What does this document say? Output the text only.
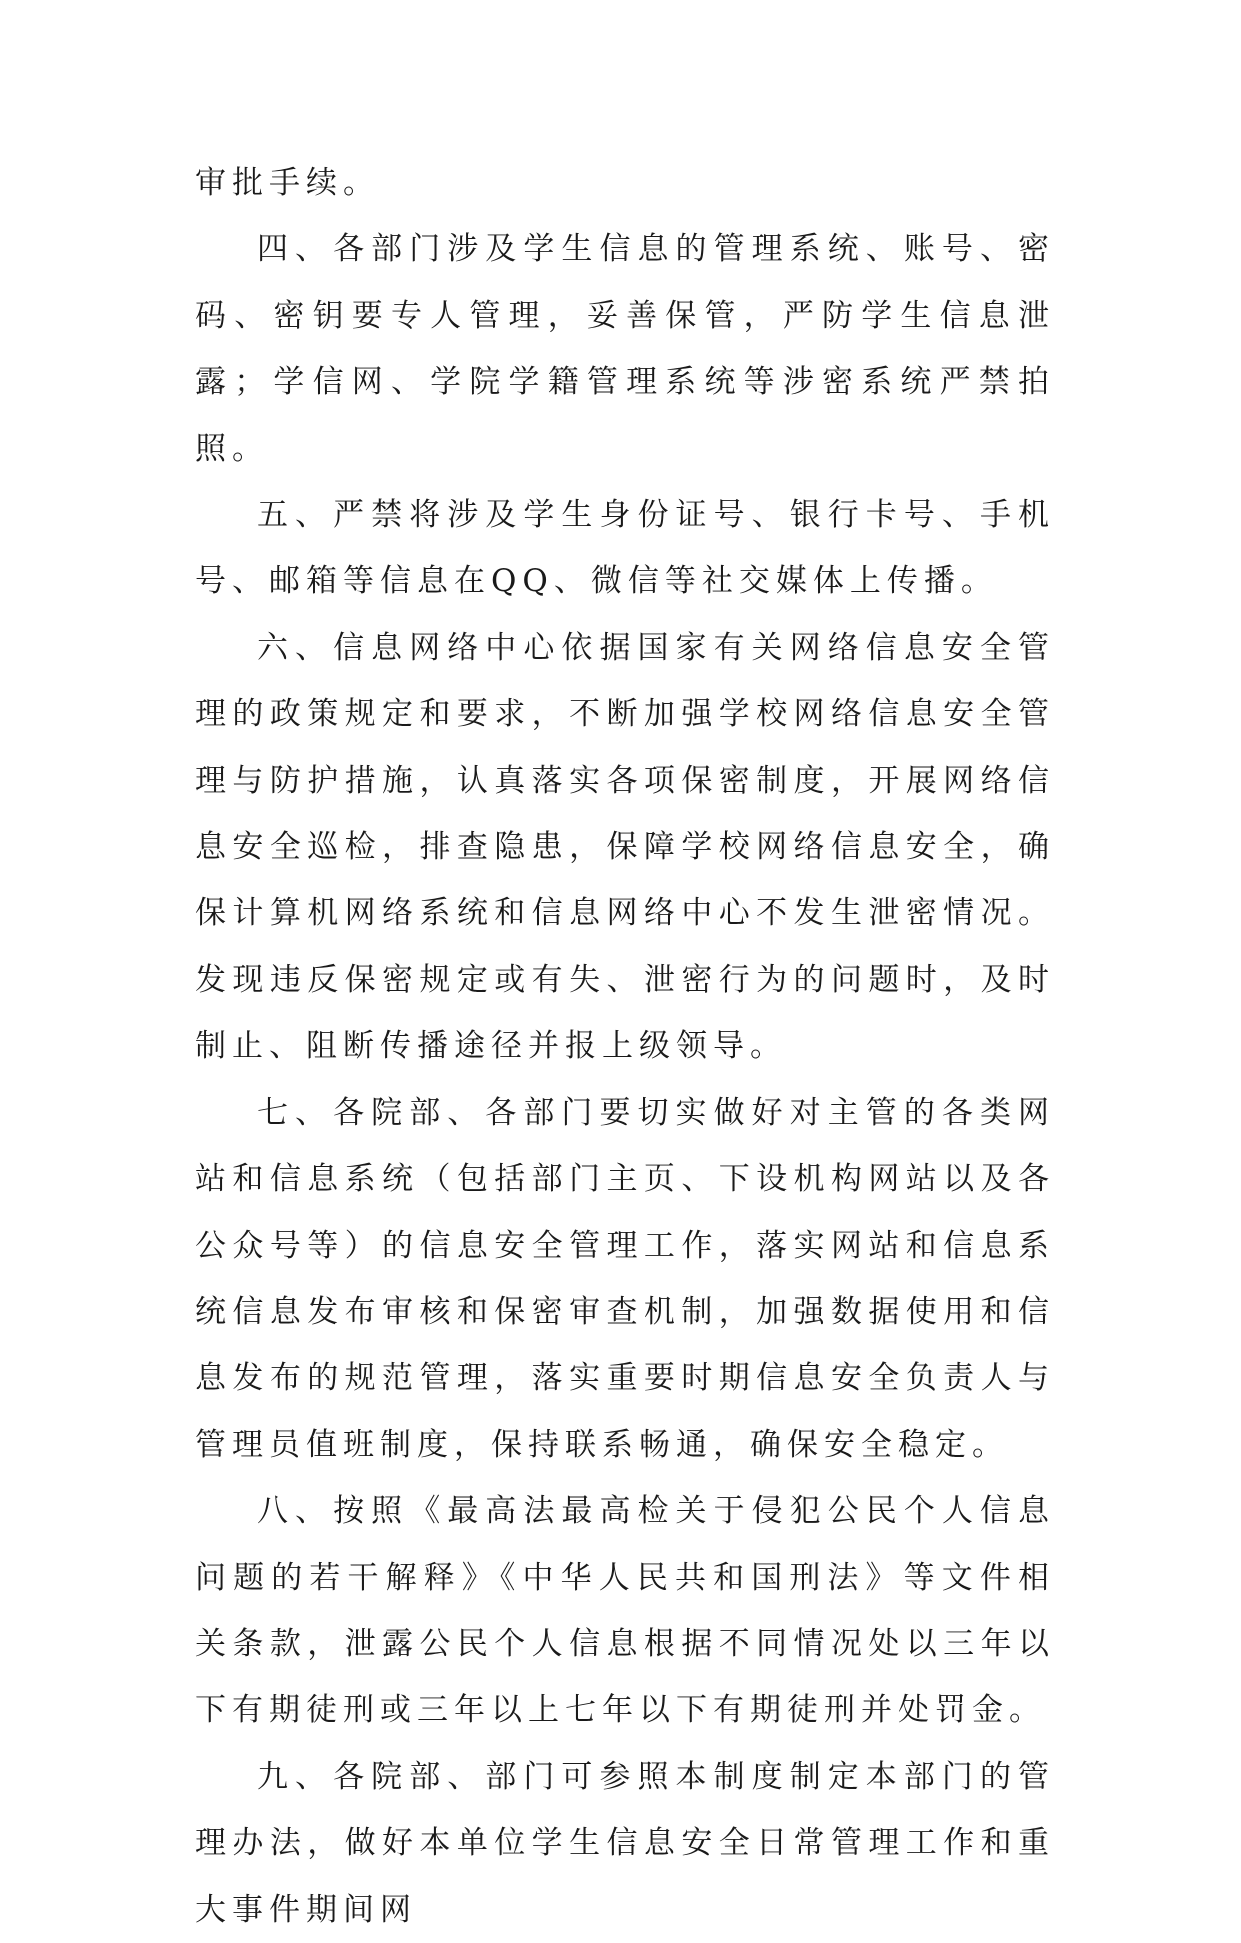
审批手续。

四、各部门涉及学生信息的管理系统、账号、密码、密钥要专人管理，妥善保管，严防学生信息泄露；学信网、学院学籍管理系统等涉密系统严禁拍照。

五、严禁将涉及学生身份证号、银行卡号、手机号、邮箱等信息在QQ、微信等社交媒体上传播。

六、信息网络中心依据国家有关网络信息安全管理的政策规定和要求，不断加强学校网络信息安全管理与防护措施，认真落实各项保密制度，开展网络信息安全巡检，排查隐患，保障学校网络信息安全，确保计算机网络系统和信息网络中心不发生泄密情况。发现违反保密规定或有失、泄密行为的问题时，及时制止、阻断传播途径并报上级领导。

七、各院部、各部门要切实做好对主管的各类网站和信息系统（包括部门主页、下设机构网站以及各公众号等）的信息安全管理工作，落实网站和信息系统信息发布审核和保密审查机制，加强数据使用和信息发布的规范管理，落实重要时期信息安全负责人与管理员值班制度，保持联系畅通，确保安全稳定。

八、按照《最高法最高检关于侵犯公民个人信息问题的若干解释》《中华人民共和国刑法》等文件相关条款，泄露公民个人信息根据不同情况处以三年以下有期徒刑或三年以上七年以下有期徒刑并处罚金。

九、各院部、部门可参照本制度制定本部门的管理办法，做好本单位学生信息安全日常管理工作和重大事件期间网
